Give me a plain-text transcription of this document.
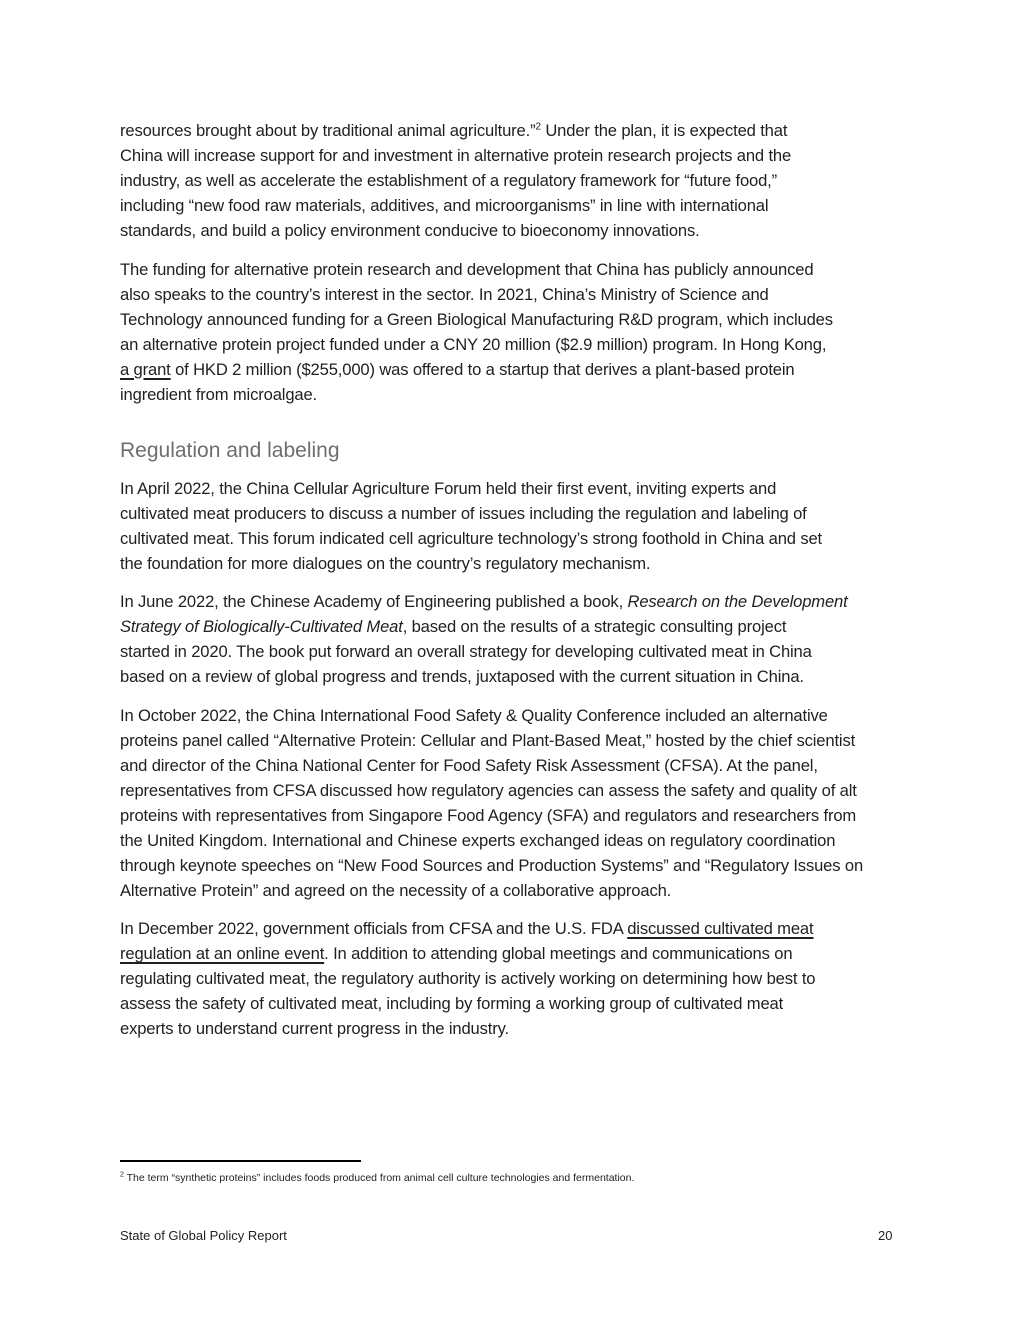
resources brought about by traditional animal agriculture.”$^2$ Under the plan, it is expected that
China will increase support for and investment in alternative protein research projects and the
industry, as well as accelerate the establishment of a regulatory framework for “future food,”
including “new food raw materials, additives, and microorganisms” in line with international
standards, and build a policy environment conducive to bioeconomy innovations.

The funding for alternative protein research and development that China has publicly announced
also speaks to the country’s interest in the sector. In 2021, China’s Ministry of Science and
Technology announced funding for a Green Biological Manufacturing R&D program, which includes
an alternative protein project funded under a CNY 20 million ($2.9 million) program. In Hong Kong,
a grant of HKD 2 million ($255,000) was offered to a startup that derives a plant-based protein
ingredient from microalgae.

Regulation and labeling

In April 2022, the China Cellular Agriculture Forum held their first event, inviting experts and
cultivated meat producers to discuss a number of issues including the regulation and labeling of
cultivated meat. This forum indicated cell agriculture technology’s strong foothold in China and set
the foundation for more dialogues on the country’s regulatory mechanism.

In June 2022, the Chinese Academy of Engineering published a book, Research on the Development
Strategy of Biologically-Cultivated Meat, based on the results of a strategic consulting project
started in 2020. The book put forward an overall strategy for developing cultivated meat in China
based on a review of global progress and trends, juxtaposed with the current situation in China.

In October 2022, the China International Food Safety & Quality Conference included an alternative
proteins panel called “Alternative Protein: Cellular and Plant-Based Meat,” hosted by the chief scientist
and director of the China National Center for Food Safety Risk Assessment (CFSA). At the panel,
representatives from CFSA discussed how regulatory agencies can assess the safety and quality of alt
proteins with representatives from Singapore Food Agency (SFA) and regulators and researchers from
the United Kingdom. International and Chinese experts exchanged ideas on regulatory coordination
through keynote speeches on “New Food Sources and Production Systems” and “Regulatory Issues on
Alternative Protein” and agreed on the necessity of a collaborative approach.

In December 2022, government officials from CFSA and the U.S. FDA discussed cultivated meat
regulation at an online event. In addition to attending global meetings and communications on
regulating cultivated meat, the regulatory authority is actively working on determining how best to
assess the safety of cultivated meat, including by forming a working group of cultivated meat
experts to understand current progress in the industry.

$^2$ The term “synthetic proteins” includes foods produced from animal cell culture technologies and fermentation.
State of Global Policy Report	20
